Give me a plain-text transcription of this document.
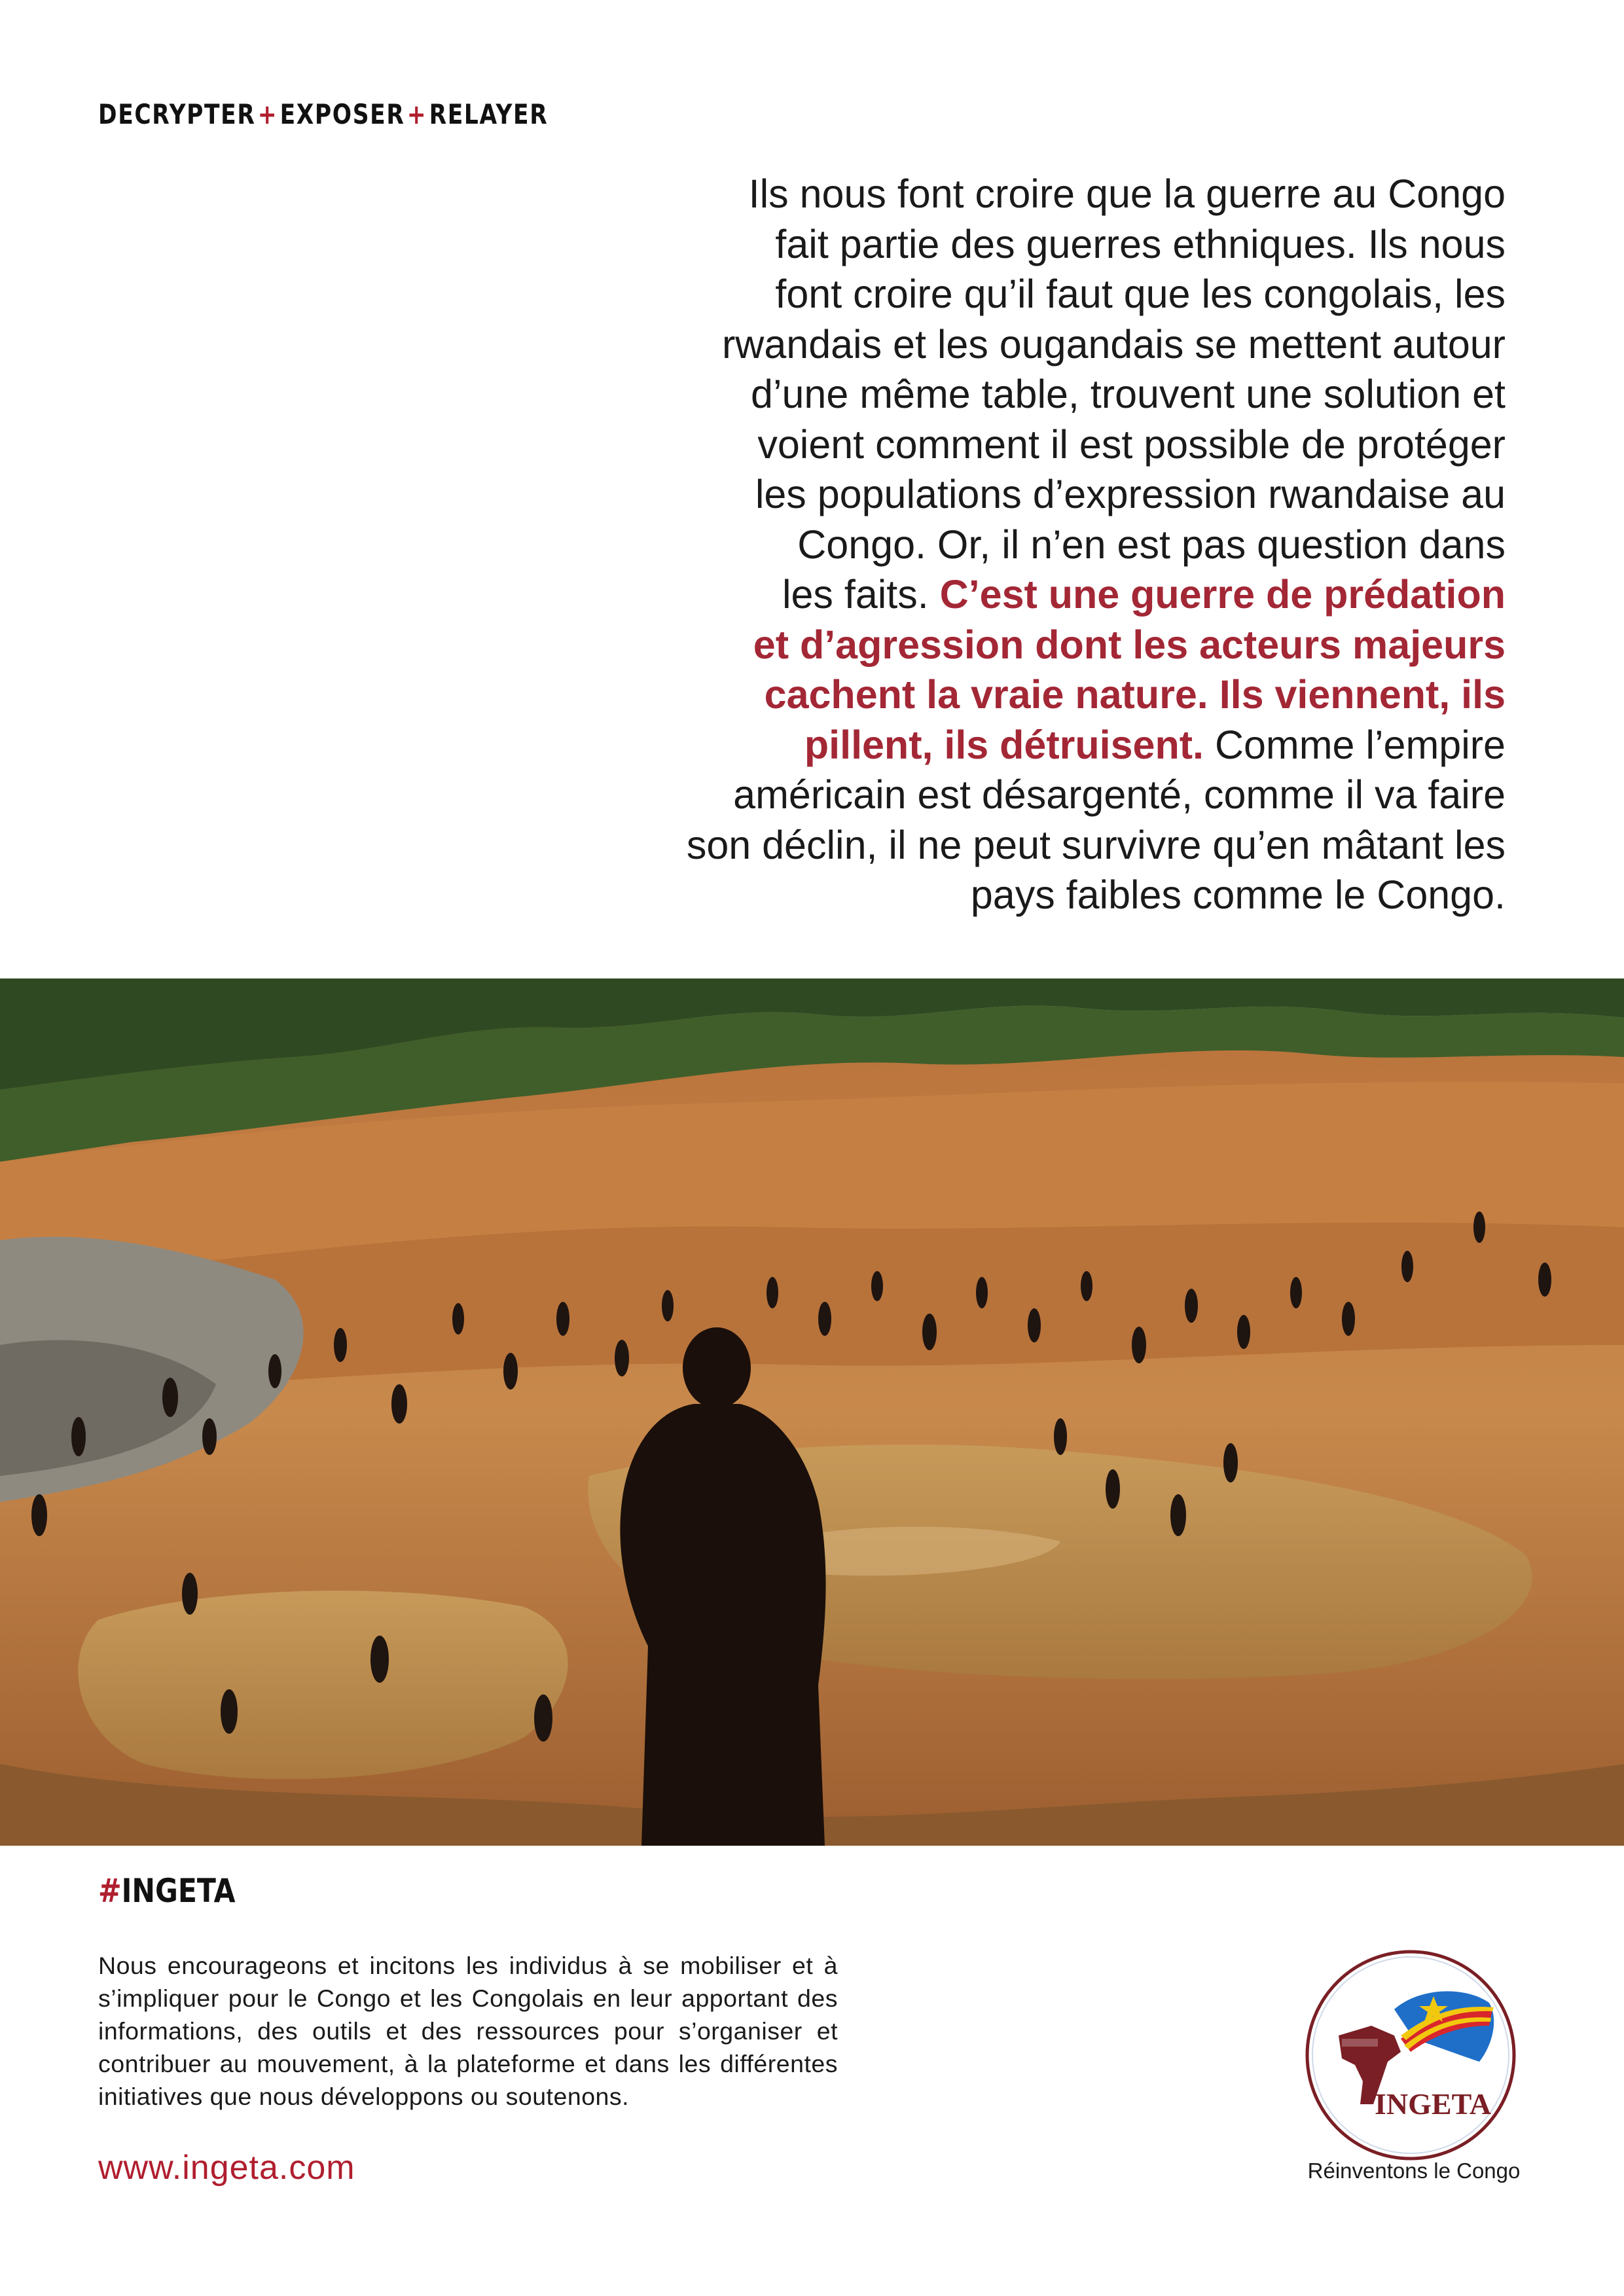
DECRYPTER+EXPOSER+RELAYER

Ils nous font croire que la guerre au Congo

fait partie des guerres ethniques. Ils nous

font croire qu’il faut que les congolais, les

rwandais et les ougandais se mettent autour

d’une même table, trouvent une solution et

voient comment il est possible de protéger

les populations d’expression rwandaise au

Congo. Or, il n’en est pas question dans

les faits. C’est une guerre de prédation

et d’agression dont les acteurs majeurs

cachent la vraie nature. Ils viennent, ils

pillent, ils détruisent. Comme l’empire

américain est désargenté, comme il va faire

son déclin, il ne peut survivre qu’en mâtant les

pays faibles comme le Congo.

#INGETA

Nous encourageons et incitons les individus à se mobiliser et à s’impliquer pour le Congo et les Congolais en leur apportant des informations, des outils et des ressources pour s’organiser et contribuer au mouvement, à la plateforme et dans les différentes initiatives que nous développons ou soutenons.

www.ingeta.com
INGETA
Réinventons le Congo
